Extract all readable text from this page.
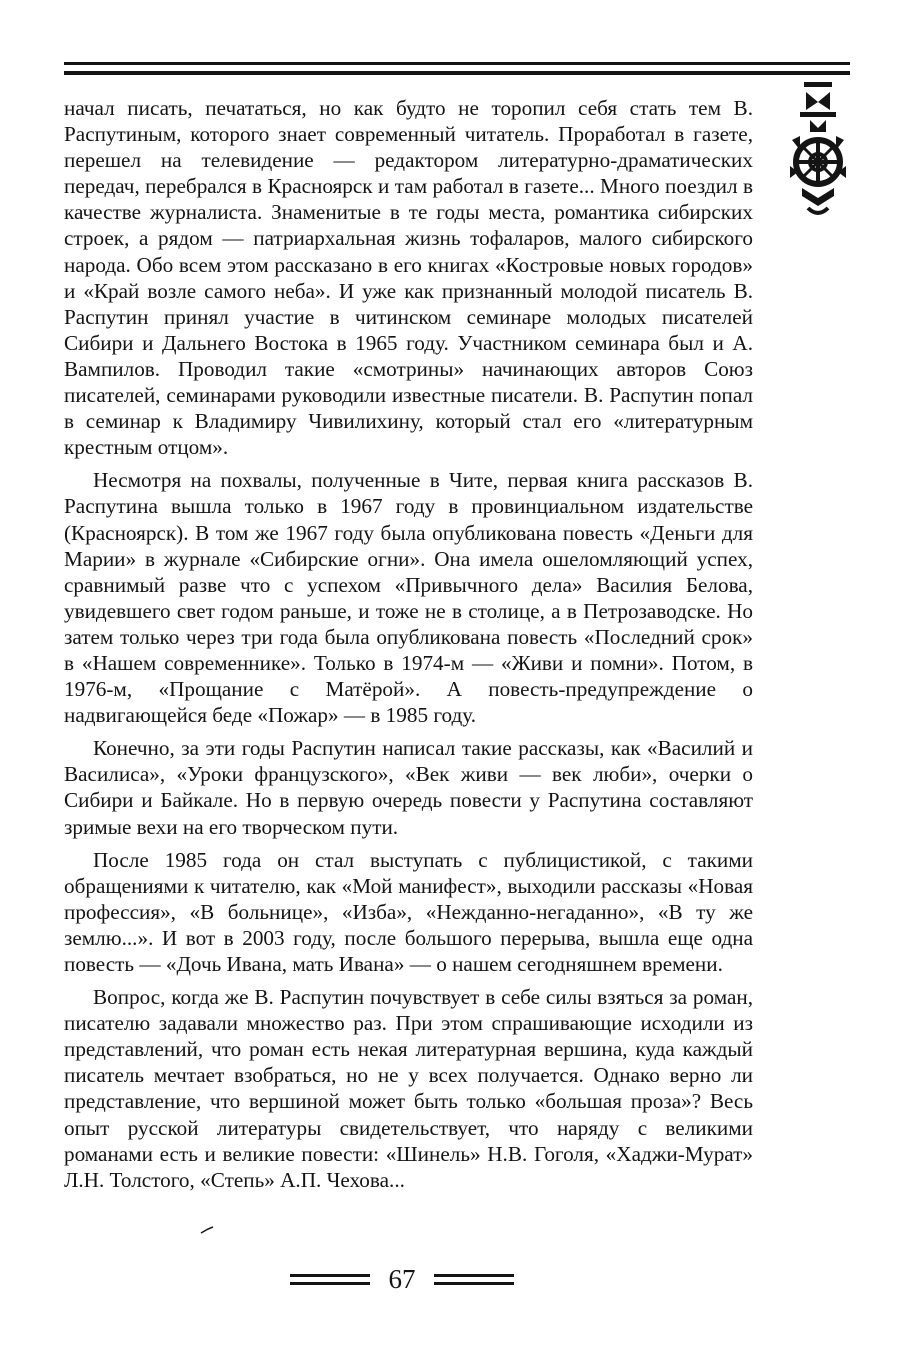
начал писать, печататься, но как будто не торопил себя стать тем В. Распутиным, которого знает современный читатель. Проработал в газете, перешел на телевидение — редактором литературно-драматических передач, перебрался в Красноярск и там работал в газете... Много поездил в качестве журналиста. Знаменитые в те годы места, романтика сибирских строек, а рядом — патриархальная жизнь тофаларов, малого сибирского народа. Обо всем этом рассказано в его книгах «Костровые новых городов» и «Край возле самого неба». И уже как признанный молодой писатель В. Распутин принял участие в читинском семинаре молодых писателей Сибири и Дальнего Востока в 1965 году. Участником семинара был и А. Вампилов. Проводил такие «смотрины» начинающих авторов Союз писателей, семинарами руководили известные писатели. В. Распутин попал в семинар к Владимиру Чивилихину, который стал его «литературным крестным отцом».

Несмотря на похвалы, полученные в Чите, первая книга рассказов В. Распутина вышла только в 1967 году в провинциальном издательстве (Красноярск). В том же 1967 году была опубликована повесть «Деньги для Марии» в журнале «Сибирские огни». Она имела ошеломляющий успех, сравнимый разве что с успехом «Привычного дела» Василия Белова, увидевшего свет годом раньше, и тоже не в столице, а в Петрозаводске. Но затем только через три года была опубликована повесть «Последний срок» в «Нашем современнике». Только в 1974-м — «Живи и помни». Потом, в 1976-м, «Прощание с Матёрой». А повесть-предупреждение о надвигающейся беде «Пожар» — в 1985 году.

Конечно, за эти годы Распутин написал такие рассказы, как «Василий и Василиса», «Уроки французского», «Век живи — век люби», очерки о Сибири и Байкале. Но в первую очередь повести у Распутина составляют зримые вехи на его творческом пути.

После 1985 года он стал выступать с публицистикой, с такими обращениями к читателю, как «Мой манифест», выходили рассказы «Новая профессия», «В больнице», «Изба», «Нежданно-негаданно», «В ту же землю...». И вот в 2003 году, после большого перерыва, вышла еще одна повесть — «Дочь Ивана, мать Ивана» — о нашем сегодняшнем времени.

Вопрос, когда же В. Распутин почувствует в себе силы взяться за роман, писателю задавали множество раз. При этом спрашивающие исходили из представлений, что роман есть некая литературная вершина, куда каждый писатель мечтает взобраться, но не у всех получается. Однако верно ли представление, что вершиной может быть только «большая проза»? Весь опыт русской литературы свидетельствует, что наряду с великими романами есть и великие повести: «Шинель» Н.В. Гоголя, «Хаджи-Мурат» Л.Н. Толстого, «Степь» А.П. Чехова...

67
